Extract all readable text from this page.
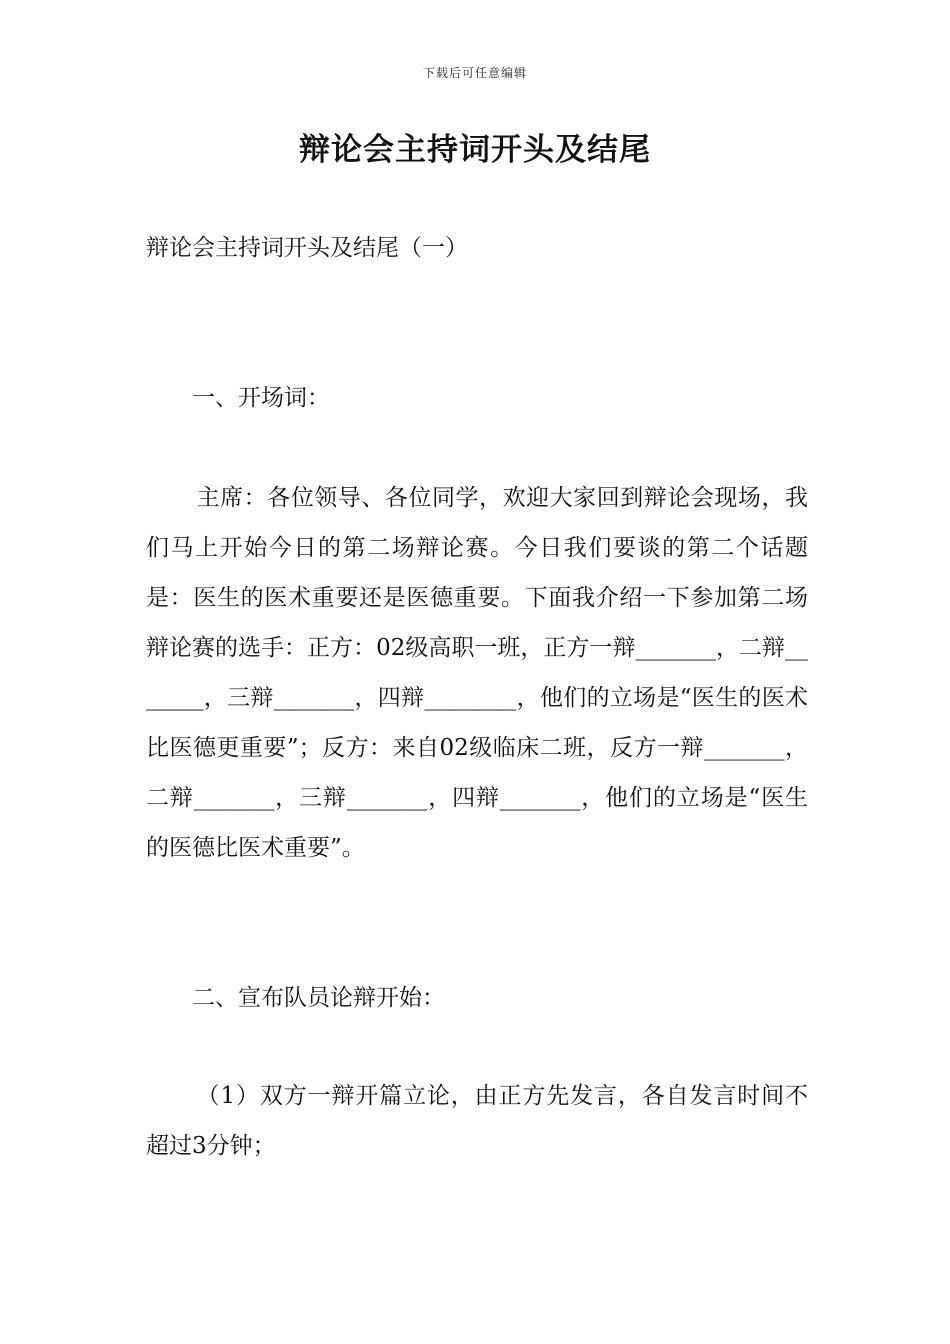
下载后可任意编辑
辩论会主持词开头及结尾

辩论会主持词开头及结尾（一）

一、开场词：

主席：各位领导、各位同学，欢迎大家回到辩论会现场，我们马上开始今日的第二场辩论赛。今日我们要谈的第二个话题是：医生的医术重要还是医德重要。下面我介绍一下参加第二场辩论赛的选手：正方：02级高职一班，正方一辩_______，二辩_______，三辩_______，四辩________，他们的立场是“医生的医术比医德更重要”；反方：来自02级临床二班，反方一辩_______，二辩_______，三辩_______，四辩_______，他们的立场是“医生的医德比医术重要”。

二、宣布队员论辩开始：

（1）双方一辩开篇立论，由正方先发言，各自发言时间不超过3分钟；
